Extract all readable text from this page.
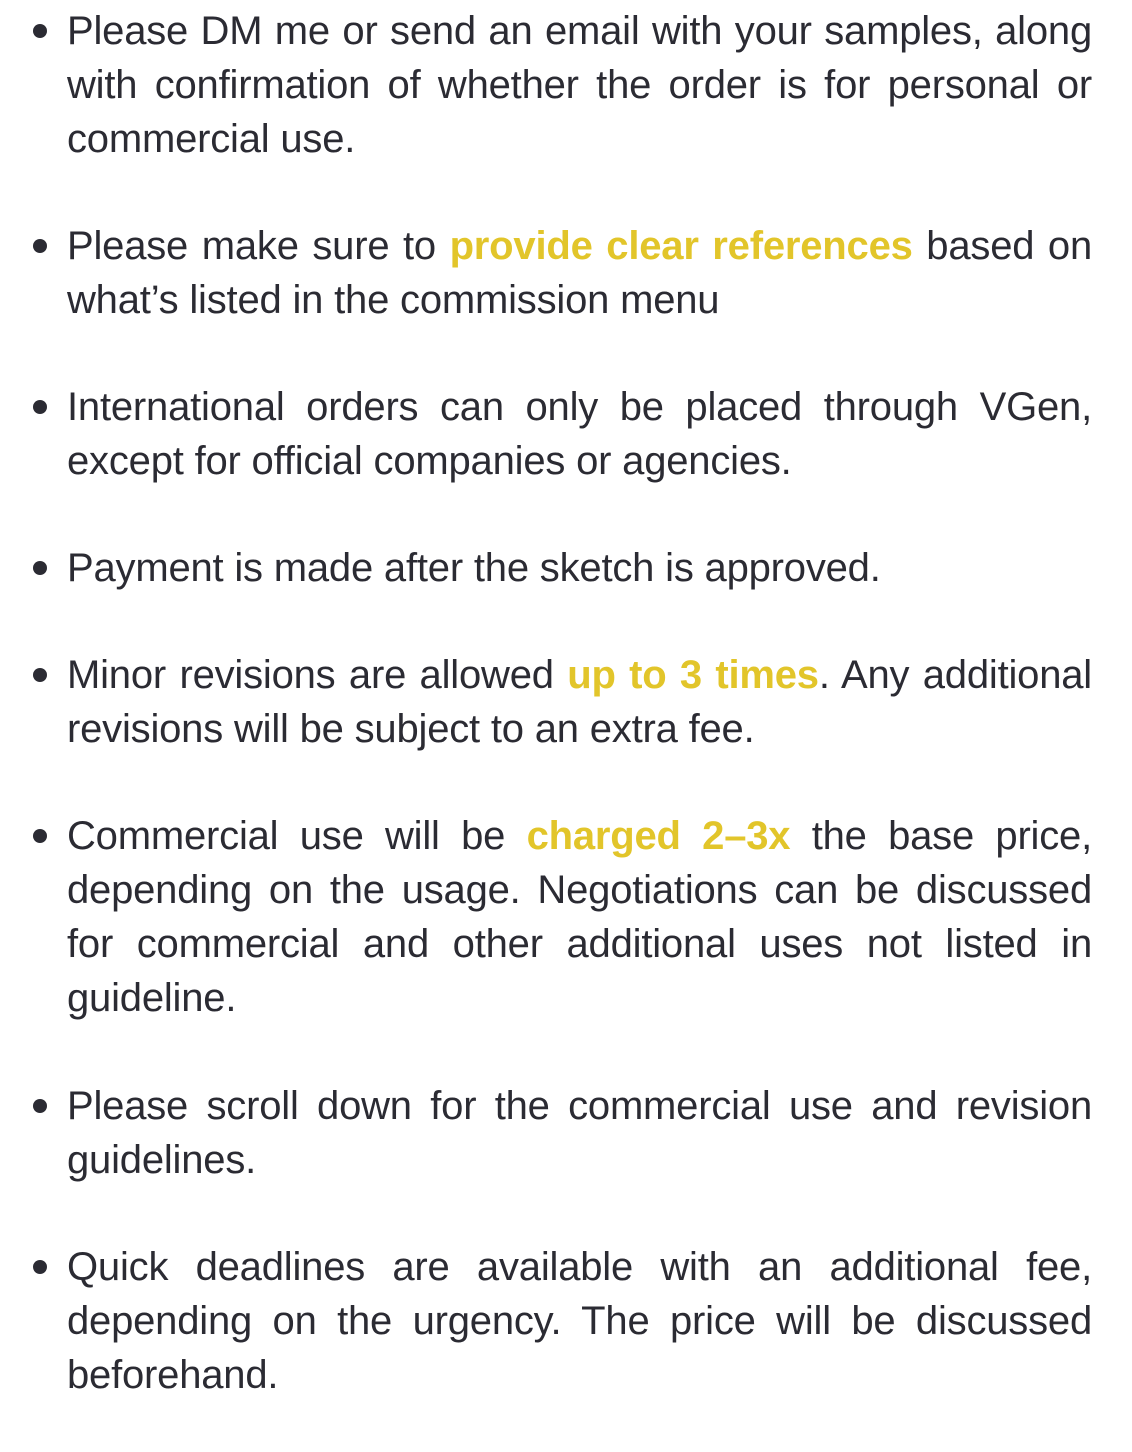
Please DM me or send an email with your samples, along with confirmation of whether the order is for personal or commercial use.

Please make sure to provide clear references based on what’s listed in the commission menu

International orders can only be placed through VGen, except for official companies or agencies.

Payment is made after the sketch is approved.

Minor revisions are allowed up to 3 times. Any additional revisions will be subject to an extra fee.

Commercial use will be charged 2–3x the base price, depending on the usage. Negotiations can be discussed for commercial and other additional uses not listed in guideline.

Please scroll down for the commercial use and revision guidelines.

Quick deadlines are available with an additional fee, depending on the urgency. The price will be discussed beforehand.
